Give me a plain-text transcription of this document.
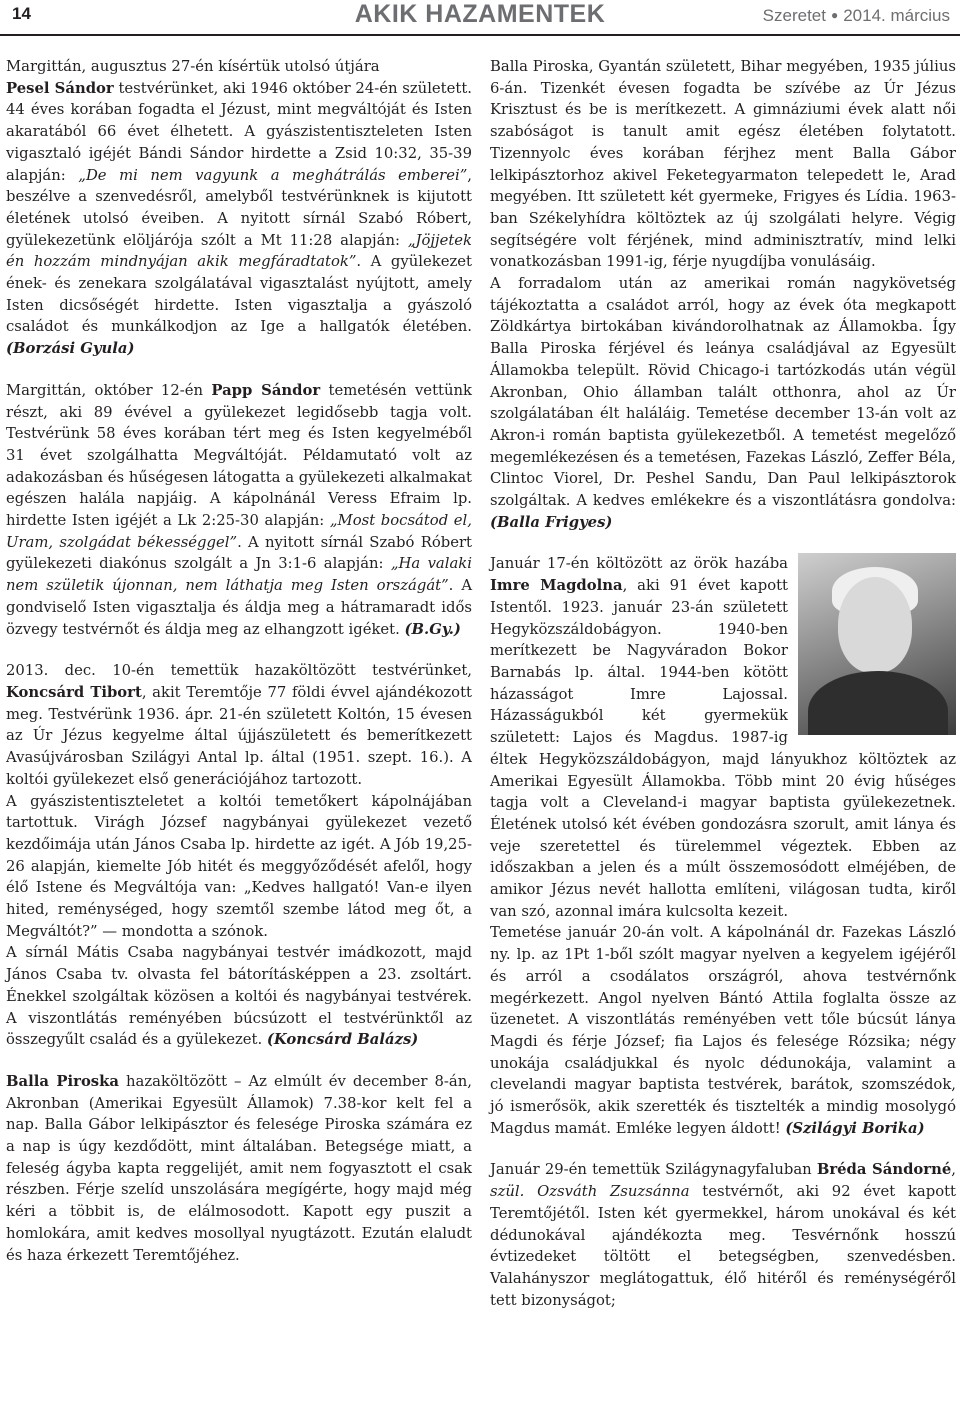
14	AKIK HAZAMENTEK	Szeretet ● 2014. március

Margittán, augusztus 27-én kísértük utolsó útjára
Pesel Sándor testvérünket, aki 1946 október 24-én született. 44 éves korában fogadta el Jézust, mint megváltóját és Isten akaratából 66 évet élhetett. A gyászistentiszteleten Isten vigasztaló igéjét Bándi Sándor hirdette a Zsid 10:32, 35-39 alapján: „De mi nem vagyunk a meghátrálás emberei”, beszélve a szenvedésről, amelyből testvérünknek is kijutott életének utolsó éveiben. A nyitott sírnál Szabó Róbert, gyülekezetünk elöljárója szólt a Mt 11:28 alapján: „Jöjjetek én hozzám mindnyájan akik megfáradtatok”. A gyülekezet ének- és zenekara szolgálatával vigasztalást nyújtott, amely Isten dicsőségét hirdette. Isten vigasztalja a gyászoló családot és munkálkodjon az Ige a hallgatók életében. (Borzási Gyula)

Margittán, október 12-én Papp Sándor temetésén vettünk részt, aki 89 évével a gyülekezet legidősebb tagja volt. Testvérünk 58 éves korában tért meg és Isten kegyelméből 31 évet szolgálhatta Megváltóját. Példamutató volt az adakozásban és hűségesen látogatta a gyülekezeti alkalmakat egészen halála napjáig. A kápolnánál Veress Efraim lp. hirdette Isten igéjét a Lk 2:25-30 alapján: „Most bocsátod el, Uram, szolgádat békességgel”. A nyitott sírnál Szabó Róbert gyülekezeti diakónus szolgált a Jn 3:1-6 alapján: „Ha valaki nem születik újonnan, nem láthatja meg Isten országát”. A gondviselő Isten vigasztalja és áldja meg a hátramaradt idős özvegy testvérnőt és áldja meg az elhangzott igéket. (B.Gy.)

2013. dec. 10-én temettük hazaköltözött testvérünket, Koncsárd Tibort, akit Teremtője 77 földi évvel ajándékozott meg. Testvérünk 1936. ápr. 21-én született Koltón, 15 évesen az Úr Jézus kegyelme által újjászületett és bemerítkezett Avasújvárosban Szilágyi Antal lp. által (1951. szept. 16.). A koltói gyülekezet első generációjához tartozott.

A gyászistentiszteletet a koltói temetőkert kápolnájában tartottuk. Virágh József nagybányai gyülekezet vezető kezdőimája után János Csaba lp. hirdette az igét. A Jób 19,25-26 alapján, kiemelte Jób hitét és meggyőződését afelől, hogy élő Istene és Megváltója van: „Kedves hallgató! Van-e ilyen hited, reménységed, hogy szemtől szembe látod meg őt, a Megváltót?” — mondotta a szónok.

A sírnál Mátis Csaba nagybányai testvér imádkozott, majd János Csaba tv. olvasta fel bátorításképpen a 23. zsoltárt. Énekkel szolgáltak közösen a koltói és nagybányai testvérek. A viszontlátás reményében búcsúzott el testvérünktől az összegyűlt család és a gyülekezet. (Koncsárd Balázs)

Balla Piroska hazaköltözött – Az elmúlt év december 8-án, Akronban (Amerikai Egyesült Államok) 7.38-kor kelt fel a nap. Balla Gábor lelkipásztor és felesége Piroska számára ez a nap is úgy kezdődött, mint általában. Betegsége miatt, a feleség ágyba kapta reggelijét, amit nem fogyasztott el csak részben. Férje szelíd unszolására megígérte, hogy majd még kéri a többit is, de elálmosodott. Kapott egy puszit a homlokára, amit kedves mosollyal nyugtázott. Ezután elaludt és haza érkezett Teremtőjéhez.

Balla Piroska, Gyantán született, Bihar megyében, 1935 július 6-án. Tizenkét évesen fogadta be szívébe az Úr Jézus Krisztust és be is merítkezett. A gimnáziumi évek alatt női szabóságot is tanult amit egész életében folytatott. Tizennyolc éves korában férjhez ment Balla Gábor lelkipásztorhoz akivel Feketegyarmaton telepedett le, Arad megyében. Itt született két gyermeke, Frigyes és Lídia. 1963-ban Székelyhídra költöztek az új szolgálati helyre. Végig segítségére volt férjének, mind adminisztratív, mind lelki vonatkozásban 1991-ig, férje nyugdíjba vonulásáig.

A forradalom után az amerikai román nagykövetség tájékoztatta a családot arról, hogy az évek óta megkapott Zöldkártya birtokában kivándorolhatnak az Államokba. Így Balla Piroska férjével és leánya családjával az Egyesült Államokba települt. Rövid Chicago-i tartózkodás után végül Akronban, Ohio államban talált otthonra, ahol az Úr szolgálatában élt haláláig. Temetése december 13-án volt az Akron-i román baptista gyülekezetből. A temetést megelőző megemlékezésen és a temetésen, Fazekas László, Zeffer Béla, Clintoc Viorel, Dr. Peshel Sandu, Dan Paul lelkipásztorok szolgáltak. A kedves emlékekre és a viszontlátásra gondolva: (Balla Frigyes)

Január 17-én költözött az örök hazába Imre Magdolna, aki 91 évet kapott Istentől. 1923. január 23-án született Hegyközszáldobágyon. 1940-ben merítkezett be Nagyváradon Bokor Barnabás lp. által. 1944-ben kötött házasságot Imre Lajossal. Házasságukból két gyermekük született: Lajos és Magdus. 1987-ig éltek Hegyközszáldobágyon, majd lányukhoz költöztek az Amerikai Egyesült Államokba. Több mint 20 évig hűséges tagja volt a Cleveland-i magyar baptista gyülekezetnek. Életének utolsó két évében gondozásra szorult, amit lánya és veje szeretettel és türelemmel végeztek. Ebben az időszakban a jelen és a múlt összemosódott elméjében, de amikor Jézus nevét hallotta említeni, világosan tudta, kiről van szó, azonnal imára kulcsolta kezeit.

Temetése január 20-án volt. A kápolnánál dr. Fazekas László ny. lp. az 1Pt 1-ből szólt magyar nyelven a kegyelem igéjéről és arról a csodálatos országról, ahova testvérnőnk megérkezett. Angol nyelven Bántó Attila foglalta össze az üzenetet. A viszontlátás reményében vett tőle búcsút lánya Magdi és férje József; fia Lajos és felesége Rózsika; négy unokája családjukkal és nyolc dédunokája, valamint a clevelandi magyar baptista testvérek, barátok, szomszédok, jó ismerősök, akik szerették és tisztelték a mindig mosolygó Magdus mamát. Emléke legyen áldott! (Szilágyi Borika)

Január 29-én temettük Szilágynagyfaluban Bréda Sándorné, szül. Ozsváth Zsuzsánna testvérnőt, aki 92 évet kapott Teremtőjétől. Isten két gyermekkel, három unokával és két dédunokával ajándékozta meg. Tesvérnőnk hosszú évtizedeket töltött el betegségben, szenvedésben. Valahányszor meglátogattuk, élő hitéről és reménységéről tett bizonyságot;
